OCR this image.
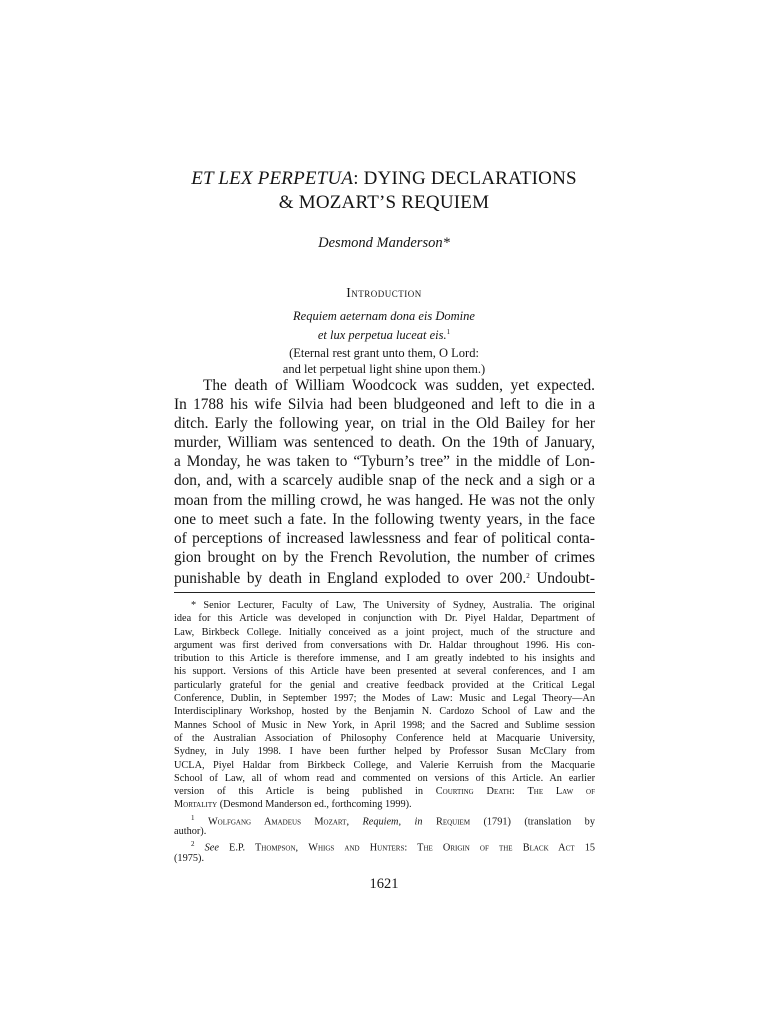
ET LEX PERPETUA: DYING DECLARATIONS
& MOZART’S REQUIEM
Desmond Manderson*
Introduction
Requiem aeternam dona eis Domine
et lux perpetua luceat eis.$^1$
(Eternal rest grant unto them, O Lord:
and let perpetual light shine upon them.)
The death of William Woodcock was sudden, yet expected.
In 1788 his wife Silvia had been bludgeoned and left to die in a
ditch. Early the following year, on trial in the Old Bailey for her
murder, William was sentenced to death. On the 19th of January,
a Monday, he was taken to “Tyburn’s tree” in the middle of Lon-
don, and, with a scarcely audible snap of the neck and a sigh or a
moan from the milling crowd, he was hanged. He was not the only
one to meet such a fate. In the following twenty years, in the face
of perceptions of increased lawlessness and fear of political conta-
gion brought on by the French Revolution, the number of crimes
punishable by death in England exploded to over 200.$^2$ Undoubt-
* Senior Lecturer, Faculty of Law, The University of Sydney, Australia. The original
idea for this Article was developed in conjunction with Dr. Piyel Haldar, Department of
Law, Birkbeck College. Initially conceived as a joint project, much of the structure and
argument was first derived from conversations with Dr. Haldar throughout 1996. His con-
tribution to this Article is therefore immense, and I am greatly indebted to his insights and
his support. Versions of this Article have been presented at several conferences, and I am
particularly grateful for the genial and creative feedback provided at the Critical Legal
Conference, Dublin, in September 1997; the Modes of Law: Music and Legal Theory—An
Interdisciplinary Workshop, hosted by the Benjamin N. Cardozo School of Law and the
Mannes School of Music in New York, in April 1998; and the Sacred and Sublime session
of the Australian Association of Philosophy Conference held at Macquarie University,
Sydney, in July 1998. I have been further helped by Professor Susan McClary from
UCLA, Piyel Haldar from Birkbeck College, and Valerie Kerruish from the Macquarie
School of Law, all of whom read and commented on versions of this Article. An earlier
version of this Article is being published in Courting Death: The Law of
Mortality (Desmond Manderson ed., forthcoming 1999).
$^1$ Wolfgang Amadeus Mozart, Requiem, in Requiem (1791) (translation by
author).
$^2$ See E.P. Thompson, Whigs and Hunters: The Origin of the Black Act 15
(1975).
1621
